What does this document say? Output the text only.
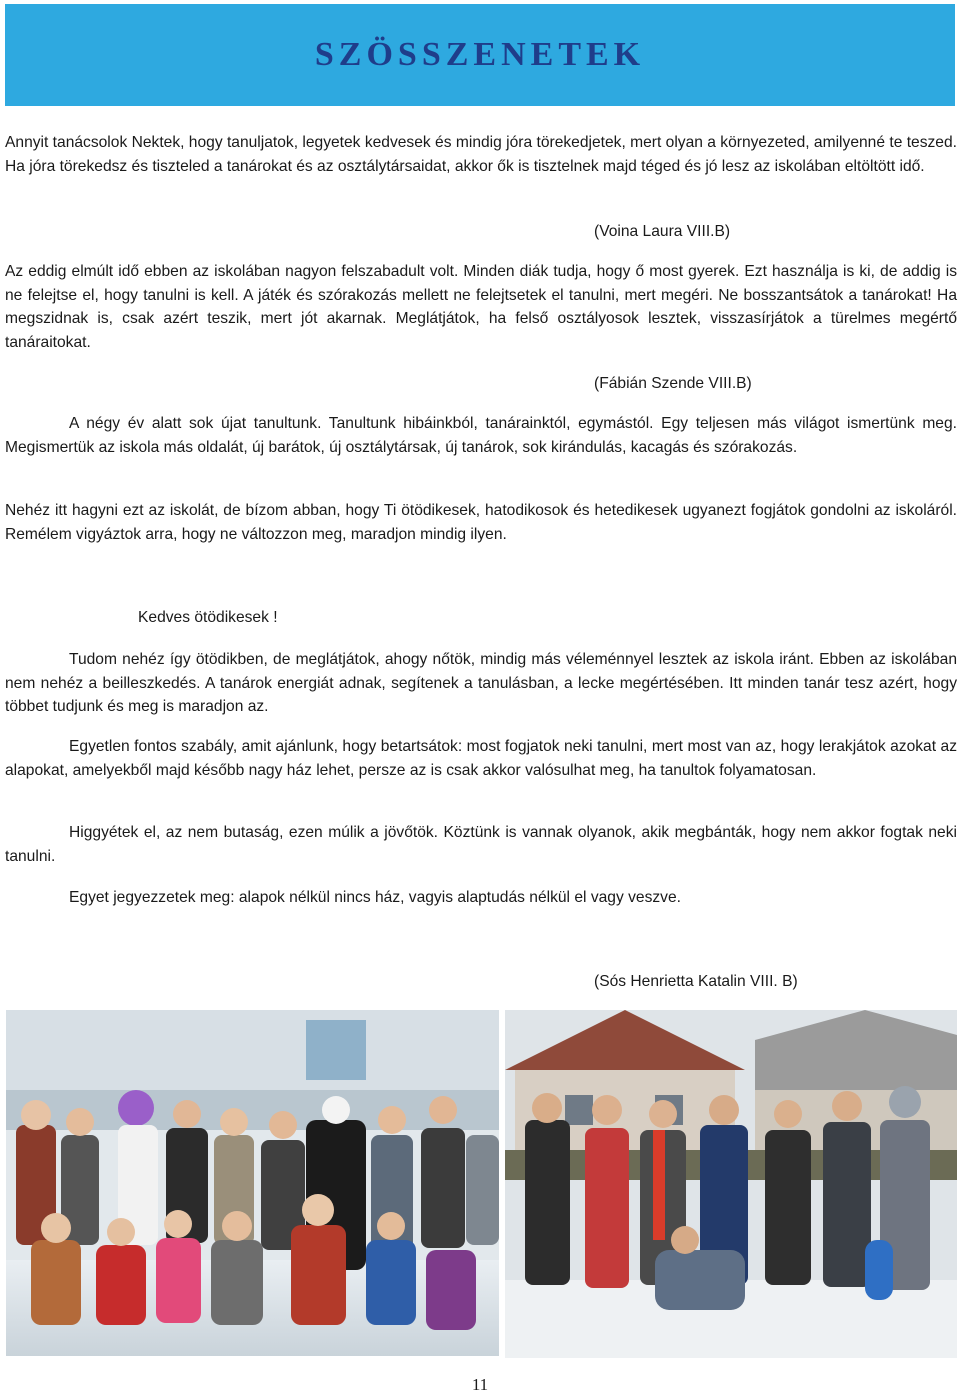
SZÖSSZENETEK

Annyit tanácsolok Nektek, hogy tanuljatok, legyetek kedvesek és mindig jóra törekedjetek, mert olyan a környezeted, amilyenné te teszed. Ha jóra törekedsz és tiszteled a tanárokat és az osztálytársaidat, akkor ők is tisztelnek majd téged és jó lesz az iskolában eltöltött idő.

(Voina Laura VIII.B)

Az eddig elmúlt idő ebben az iskolában nagyon felszabadult volt. Minden diák tudja, hogy ő most gyerek. Ezt használja is ki, de addig is ne felejtse el, hogy tanulni is kell. A játék és szórakozás mellett ne felejtsetek el tanulni, mert megéri. Ne bosszantsátok a tanárokat! Ha megszidnak is, csak azért teszik, mert jót akarnak. Meglátjátok, ha felső osztályosok lesztek, visszasírjátok a türelmes megértő tanáraitokat.

(Fábián Szende VIII.B)

A négy év alatt sok újat tanultunk. Tanultunk hibáinkból, tanárainktól, egymástól. Egy teljesen más világot ismertünk meg. Megismertük az iskola más oldalát, új barátok, új osztálytársak, új tanárok, sok kirándulás, kacagás és szórakozás.

Nehéz itt hagyni ezt az iskolát, de bízom abban, hogy Ti ötödikesek, hatodikosok és hetedikesek ugyanezt fogjátok gondolni az iskoláról. Remélem vigyáztok arra, hogy ne változzon meg, maradjon mindig ilyen.

Kedves ötödikesek !

Tudom nehéz így ötödikben, de meglátjátok, ahogy nőtök, mindig más véleménnyel lesztek az iskola iránt. Ebben az iskolában nem nehéz a beilleszkedés. A tanárok energiát adnak, segítenek a tanulásban, a lecke megértésében. Itt minden tanár tesz azért, hogy többet tudjunk és meg is maradjon az.

Egyetlen fontos szabály, amit ajánlunk, hogy betartsátok: most fogjatok neki tanulni, mert most van az, hogy lerakjátok azokat az alapokat, amelyekből majd később nagy ház lehet, persze az is csak akkor valósulhat meg, ha tanultok folyamatosan.

Higgyétek el, az nem butaság, ezen múlik a jövőtök. Köztünk is vannak olyanok, akik megbánták, hogy nem akkor fogtak neki tanulni.

Egyet jegyezzetek meg: alapok nélkül nincs ház, vagyis alaptudás nélkül el vagy veszve.

(Sós Henrietta Katalin VIII. B)

11
